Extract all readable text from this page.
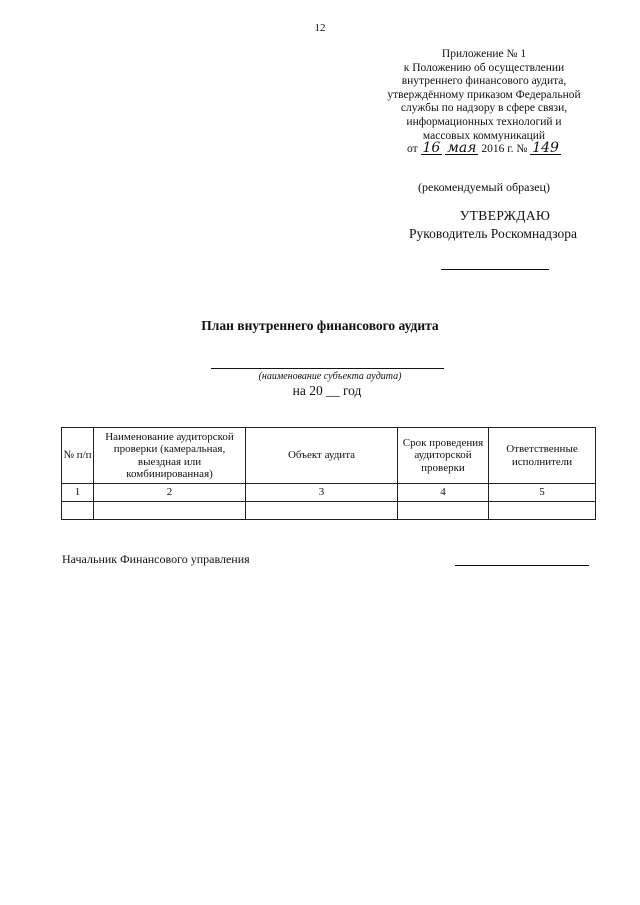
12
Приложение № 1
к Положению об осуществлении
внутреннего финансового аудита,
утверждённому приказом Федеральной
службы по надзору в сфере связи,
информационных технологий и
массовых коммуникаций
от 16 мая 2016 г. № 149
(рекомендуемый образец)
УТВЕРЖДАЮ
Руководитель Роскомнадзора
План внутреннего финансового аудита
(наименование субъекта аудита)
на 20 __ год
№ п/п	Наименование аудиторской проверки (камеральная, выездная или комбинированная)	Объект аудита	Срок проведения аудиторской проверки	Ответственные исполнители
1	2	3	4	5

Начальник Финансового управления
